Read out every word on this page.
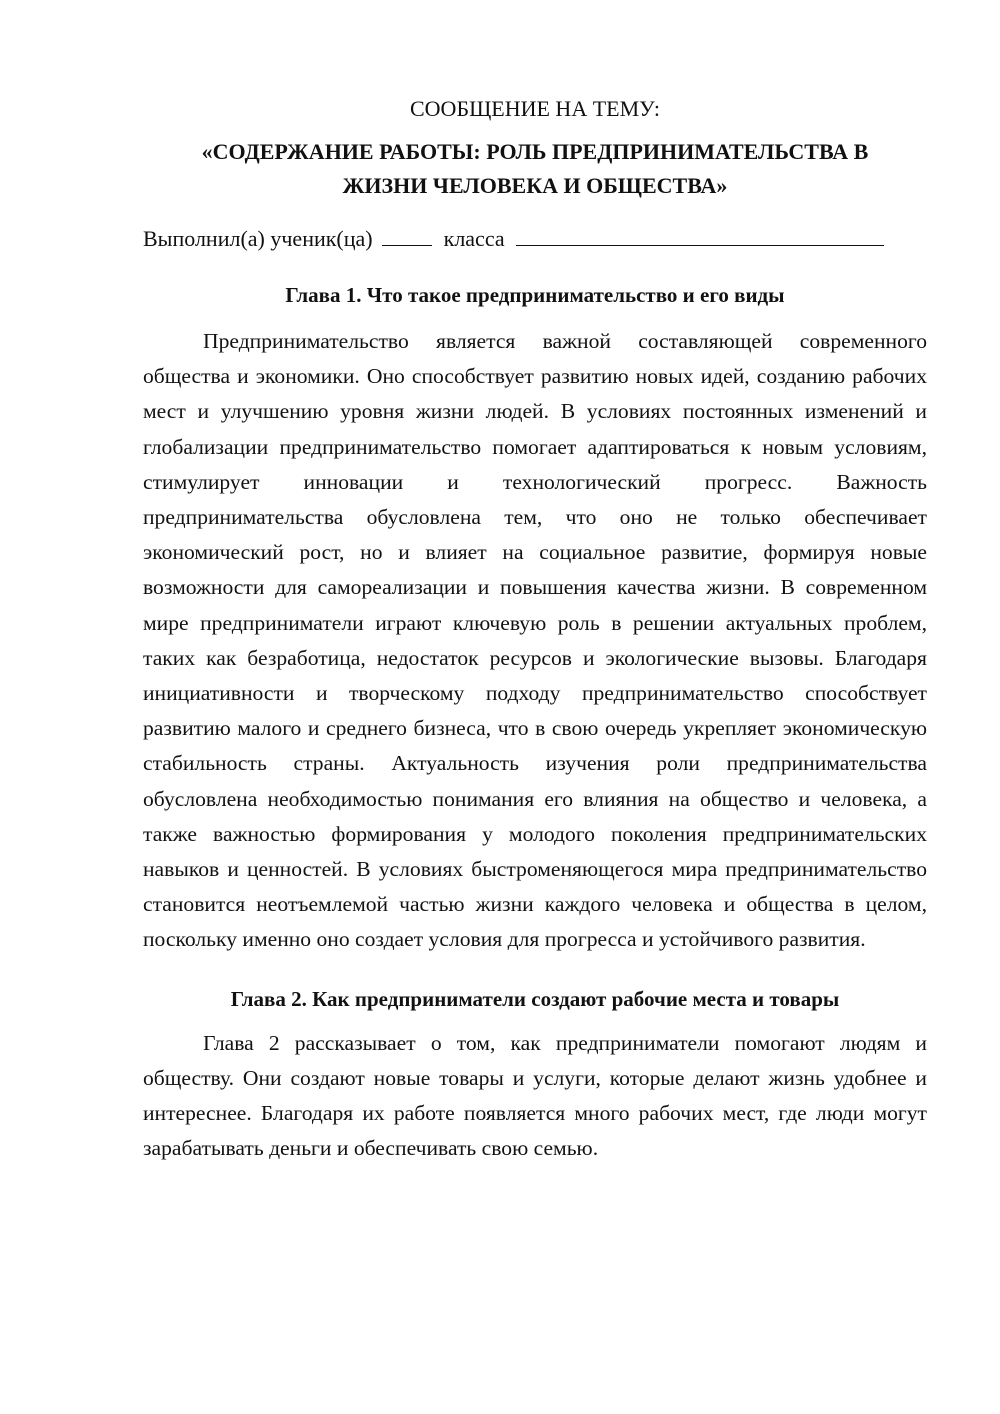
СООБЩЕНИЕ НА ТЕМУ:

«СОДЕРЖАНИЕ РАБОТЫ: РОЛЬ ПРЕДПРИНИМАТЕЛЬСТВА В

ЖИЗНИ ЧЕЛОВЕКА И ОБЩЕСТВА»

Выполнил(а) ученик(ца)	класса

Глава 1. Что такое предпринимательство и его виды

Предпринимательство является важной составляющей современного общества и экономики. Оно способствует развитию новых идей, созданию рабочих мест и улучшению уровня жизни людей. В условиях постоянных изменений и глобализации предпринимательство помогает адаптироваться к новым условиям, стимулирует инновации и технологический прогресс. Важность предпринимательства обусловлена тем, что оно не только обеспечивает экономический рост, но и влияет на социальное развитие, формируя новые возможности для самореализации и повышения качества жизни. В современном мире предприниматели играют ключевую роль в решении актуальных проблем, таких как безработица, недостаток ресурсов и экологические вызовы. Благодаря инициативности и творческому подходу предпринимательство способствует развитию малого и среднего бизнеса, что в свою очередь укрепляет экономическую стабильность страны. Актуальность изучения роли предпринимательства обусловлена необходимостью понимания его влияния на общество и человека, а также важностью формирования у молодого поколения предпринимательских навыков и ценностей. В условиях быстроменяющегося мира предпринимательство становится неотъемлемой частью жизни каждого человека и общества в целом, поскольку именно оно создает условия для прогресса и устойчивого развития.

Глава 2. Как предприниматели создают рабочие места и товары

Глава 2 рассказывает о том, как предприниматели помогают людям и обществу. Они создают новые товары и услуги, которые делают жизнь удобнее и интереснее. Благодаря их работе появляется много рабочих мест, где люди могут зарабатывать деньги и обеспечивать свою семью.
